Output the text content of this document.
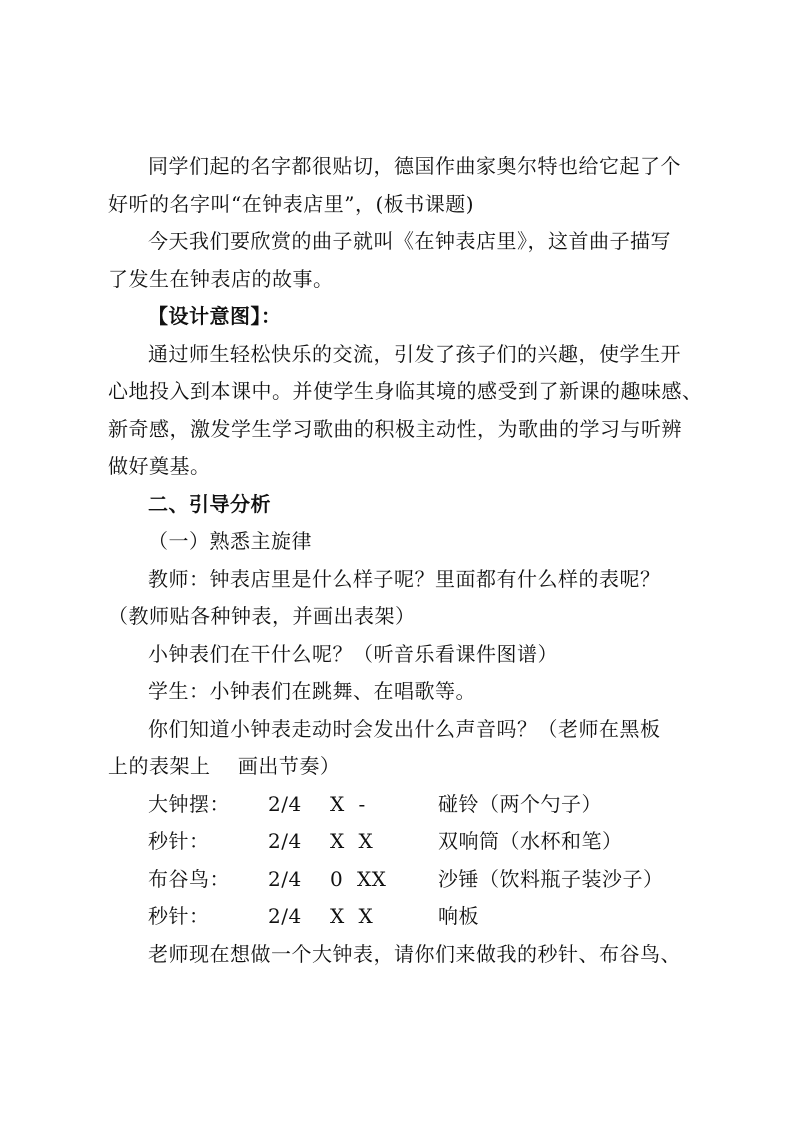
同学们起的名字都很贴切，德国作曲家奥尔特也给它起了个
好听的名字叫“在钟表店里”，(板书课题)
今天我们要欣赏的曲子就叫《在钟表店里》，这首曲子描写
了发生在钟表店的故事。
【设计意图】：
通过师生轻松快乐的交流，引发了孩子们的兴趣，使学生开
心地投入到本课中。并使学生身临其境的感受到了新课的趣味感、
新奇感，激发学生学习歌曲的积极主动性，为歌曲的学习与听辨
做好奠基。
二、引导分析
（一）熟悉主旋律
教师：钟表店里是什么样子呢？里面都有什么样的表呢？
（教师贴各种钟表，并画出表架）
小钟表们在干什么呢？（听音乐看课件图谱）
学生：小钟表们在跳舞、在唱歌等。
你们知道小钟表走动时会发出什么声音吗？（老师在黑板
上的表架上    画出节奏）
大钟摆： 2/4 X  -	碰铃（两个勺子）
秒针：	2/4 X  X	双响筒（水杯和笔）
布谷鸟： 2/4 0  XX	沙锤（饮料瓶子装沙子）
秒针：	2/4 X  X	响板
老师现在想做一个大钟表，请你们来做我的秒针、布谷鸟、
